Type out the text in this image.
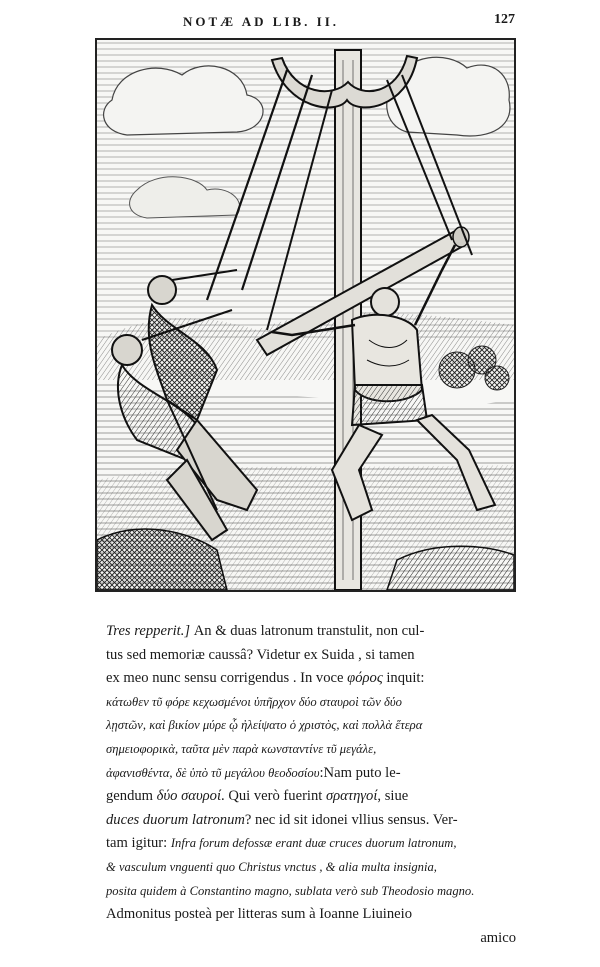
NOTÆ AD LIB. II.	127
Tres repperit.] An & duas latronum transtulit, non cul-
tus sed memoriæ caussâ? Videtur ex Suida , si tamen
ex meo nunc sensu corrigendus . In voce φόρος inquit:
κάτωθεν τῦ φόρε κεχωσμένοι ὑπῆρχον δύο σταυροὶ τῶν δύο
λῃστῶν, καὶ βικίον μύρε ᾧ ἠλείψατο ὁ χριστὸς, καὶ πολλὰ ἕτερα
σημειοφορικὰ, ταῦτα μὲν παρὰ κωνσταντίνε τῦ μεγάλε,
ἀφανισθέντα, δὲ ὑπὸ τῦ μεγάλου θεοδοσίου:Nam puto le-
gendum δύο σαυροί. Qui verò fuerint σρατηγοί, siue
duces duorum latronum? nec id sit idonei vllius sensus. Ver-
tam igitur: Infra forum defossæ erant duæ cruces duorum latronum,
& vasculum vnguenti quo Christus vnctus , & alia multa insignia,
posita quidem à Constantino magno, sublata verò sub Theodosio magno.
Admonitus posteà per litteras sum à Ioanne Liuineio
amico
